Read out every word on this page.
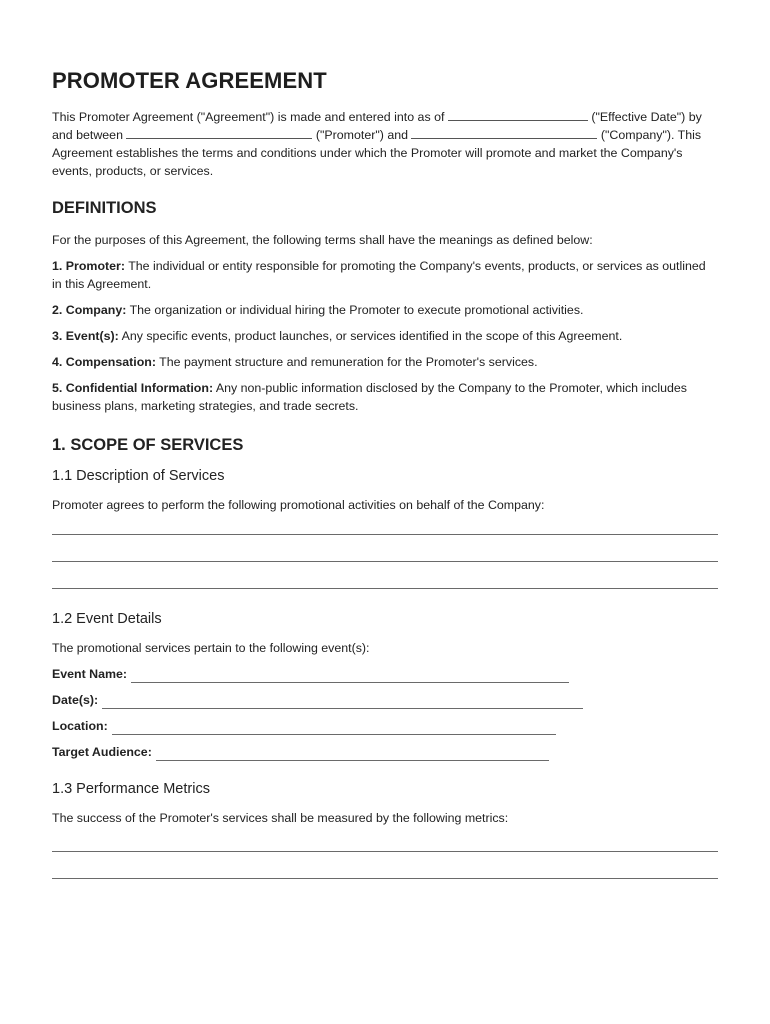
PROMOTER AGREEMENT

This Promoter Agreement ("Agreement") is made and entered into as of	("Effective Date") by and between	("Promoter") and	("Company"). This Agreement establishes the terms and conditions under which the Promoter will promote and market the Company's events, products, or services.

DEFINITIONS

For the purposes of this Agreement, the following terms shall have the meanings as defined below:

1. Promoter: The individual or entity responsible for promoting the Company's events, products, or services as outlined in this Agreement.

2. Company: The organization or individual hiring the Promoter to execute promotional activities.

3. Event(s): Any specific events, product launches, or services identified in the scope of this Agreement.

4. Compensation: The payment structure and remuneration for the Promoter's services.

5. Confidential Information: Any non-public information disclosed by the Company to the Promoter, which includes business plans, marketing strategies, and trade secrets.

1. SCOPE OF SERVICES
1.1 Description of Services

Promoter agrees to perform the following promotional activities on behalf of the Company:

1.2 Event Details

The promotional services pertain to the following event(s):

Event Name:
Date(s):
Location:
Target Audience:
1.3 Performance Metrics

The success of the Promoter's services shall be measured by the following metrics:
